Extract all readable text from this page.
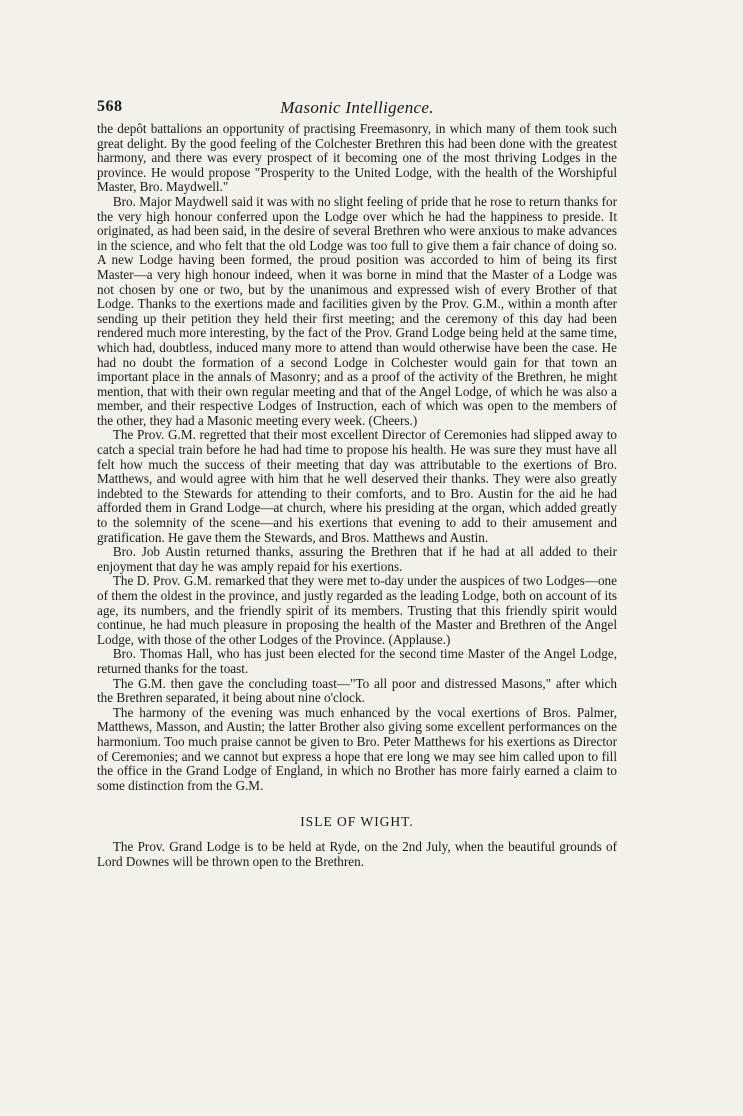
568	Masonic Intelligence.

the depôt battalions an opportunity of practising Freemasonry, in which many of them took such great delight. By the good feeling of the Colchester Brethren this had been done with the greatest harmony, and there was every prospect of it becoming one of the most thriving Lodges in the province. He would propose "Prosperity to the United Lodge, with the health of the Worshipful Master, Bro. Maydwell."

Bro. Major Maydwell said it was with no slight feeling of pride that he rose to return thanks for the very high honour conferred upon the Lodge over which he had the happiness to preside. It originated, as had been said, in the desire of several Brethren who were anxious to make advances in the science, and who felt that the old Lodge was too full to give them a fair chance of doing so. A new Lodge having been formed, the proud position was accorded to him of being its first Master—a very high honour indeed, when it was borne in mind that the Master of a Lodge was not chosen by one or two, but by the unanimous and expressed wish of every Brother of that Lodge. Thanks to the exertions made and facilities given by the Prov. G.M., within a month after sending up their petition they held their first meeting; and the ceremony of this day had been rendered much more interesting, by the fact of the Prov. Grand Lodge being held at the same time, which had, doubtless, induced many more to attend than would otherwise have been the case. He had no doubt the formation of a second Lodge in Colchester would gain for that town an important place in the annals of Masonry; and as a proof of the activity of the Brethren, he might mention, that with their own regular meeting and that of the Angel Lodge, of which he was also a member, and their respective Lodges of Instruction, each of which was open to the members of the other, they had a Masonic meeting every week. (Cheers.)

The Prov. G.M. regretted that their most excellent Director of Ceremonies had slipped away to catch a special train before he had had time to propose his health. He was sure they must have all felt how much the success of their meeting that day was attributable to the exertions of Bro. Matthews, and would agree with him that he well deserved their thanks. They were also greatly indebted to the Stewards for attending to their comforts, and to Bro. Austin for the aid he had afforded them in Grand Lodge—at church, where his presiding at the organ, which added greatly to the solemnity of the scene—and his exertions that evening to add to their amusement and gratification. He gave them the Stewards, and Bros. Matthews and Austin.

Bro. Job Austin returned thanks, assuring the Brethren that if he had at all added to their enjoyment that day he was amply repaid for his exertions.

The D. Prov. G.M. remarked that they were met to-day under the auspices of two Lodges—one of them the oldest in the province, and justly regarded as the leading Lodge, both on account of its age, its numbers, and the friendly spirit of its members. Trusting that this friendly spirit would continue, he had much pleasure in proposing the health of the Master and Brethren of the Angel Lodge, with those of the other Lodges of the Province. (Applause.)

Bro. Thomas Hall, who has just been elected for the second time Master of the Angel Lodge, returned thanks for the toast.

The G.M. then gave the concluding toast—"To all poor and distressed Masons," after which the Brethren separated, it being about nine o'clock.

The harmony of the evening was much enhanced by the vocal exertions of Bros. Palmer, Matthews, Masson, and Austin; the latter Brother also giving some excellent performances on the harmonium. Too much praise cannot be given to Bro. Peter Matthews for his exertions as Director of Ceremonies; and we cannot but express a hope that ere long we may see him called upon to fill the office in the Grand Lodge of England, in which no Brother has more fairly earned a claim to some distinction from the G.M.

ISLE OF WIGHT.

The Prov. Grand Lodge is to be held at Ryde, on the 2nd July, when the beautiful grounds of Lord Downes will be thrown open to the Brethren.
